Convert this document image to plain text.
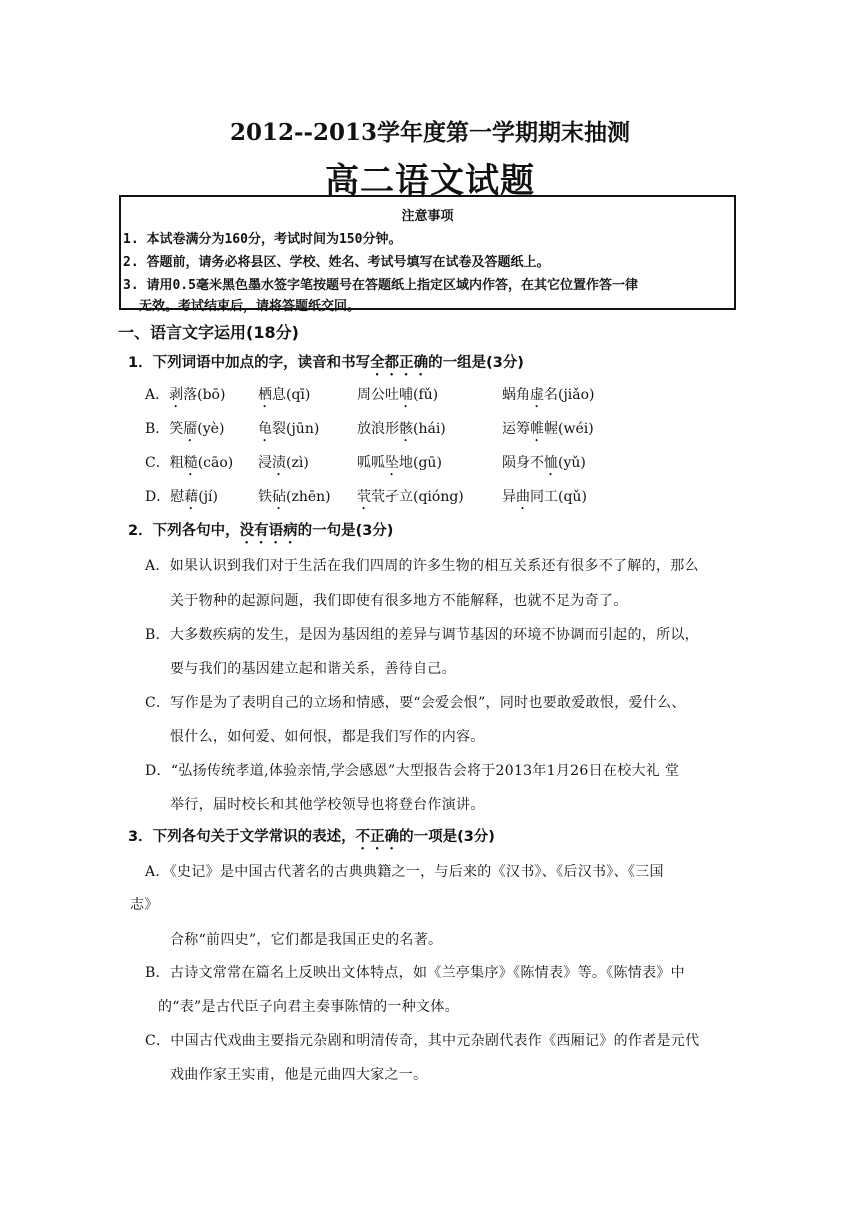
2012--2013学年度第一学期期末抽测
高二语文试题
注意事项
1. 本试卷满分为160分，考试时间为150分钟。
2. 答题前，请务必将县区、学校、姓名、考试号填写在试卷及答题纸上。
3. 请用0.5毫米黑色墨水签字笔按题号在答题纸上指定区域内作答，在其它位置作答一律
无效。考试结束后，请将答题纸交回。
一、语言文字运用(18分)
1．下列词语中加点的字，读音和书写全都正确的一组是(3分)
A．剥落(bō) 栖息(qī)	周公吐哺(fǔ)	蜗角虚名(jiǎo)
B．笑靥(yè) 龟裂(jūn)	放浪形骸(hái)	运筹帷幄(wéi)
C．粗糙(cāo) 浸渍(zì)	呱呱坠地(gū)	陨身不恤(yǔ)
D．慰藉(jí)	铁砧(zhēn) 茕茕孑立(qióng)	异曲同工(qǔ)
2．下列各句中，没有语病的一句是(3分)
A．如果认识到我们对于生活在我们四周的许多生物的相互关系还有很多不了解的，那么
关于物种的起源问题，我们即使有很多地方不能解释，也就不足为奇了。
B．大多数疾病的发生，是因为基因组的差异与调节基因的环境不协调而引起的，所以，
要与我们的基因建立起和谐关系，善待自己。
C．写作是为了表明自己的立场和情感，要“会爱会恨”，同时也要敢爱敢恨，爱什么、
恨什么，如何爱、如何恨，都是我们写作的内容。
D．“弘扬传统孝道,体验亲情,学会感恩”大型报告会将于2013年1月26日在校大礼 堂
举行，届时校长和其他学校领导也将登台作演讲。
3．下列各句关于文学常识的表述，不正确的一项是(3分)
A．《史记》是中国古代著名的古典典籍之一，与后来的《汉书》、《后汉书》、《三国
志》
合称“前四史”，它们都是我国正史的名著。
B．古诗文常常在篇名上反映出文体特点，如《兰亭集序》《陈情表》等。《陈情表》中
的“表”是古代臣子向君主奏事陈情的一种文体。
C．中国古代戏曲主要指元杂剧和明清传奇，其中元杂剧代表作《西厢记》的作者是元代
戏曲作家王实甫，他是元曲四大家之一。
